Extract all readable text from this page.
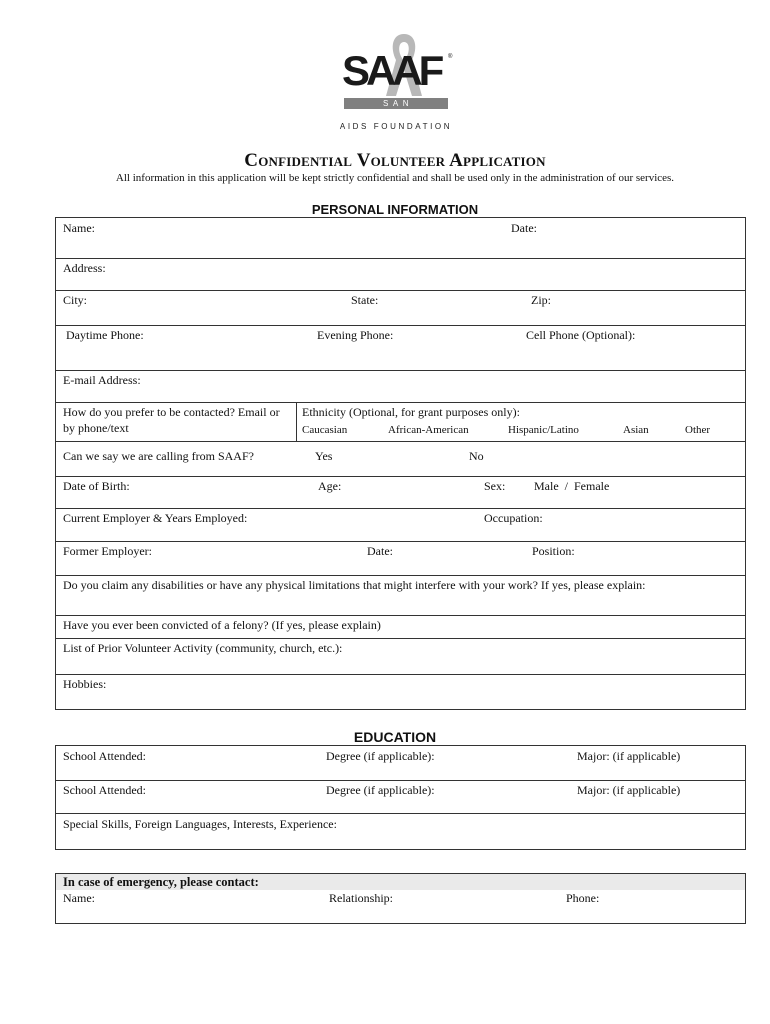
SAAF ®
SAN ANTONIO
AIDS FOUNDATION
Confidential Volunteer Application
All information in this application will be kept strictly confidential and shall be used only in the administration of our services.
PERSONAL INFORMATION
Name:	Date:
Address:
City:	State:	Zip:
Daytime Phone:	Evening Phone:	Cell Phone (Optional):
E-mail Address:
How do you prefer to be contacted? Email or by phone/text
Ethnicity (Optional, for grant purposes only):
Caucasian	African-American	Hispanic/Latino	Asian	Other
Can we say we are calling from SAAF?	Yes	No
Date of Birth:	Age:	Sex: Male  /  Female
Current Employer & Years Employed:	Occupation:
Former Employer:	Date:	Position:
Do you claim any disabilities or have any physical limitations that might interfere with your work? If yes, please explain:
Have you ever been convicted of a felony? (If yes, please explain)
List of Prior Volunteer Activity (community, church, etc.):
Hobbies:
EDUCATION
School Attended:	Degree (if applicable):	Major: (if applicable)
School Attended:	Degree (if applicable):	Major: (if applicable)
Special Skills, Foreign Languages, Interests, Experience:
In case of emergency, please contact:
Name:	Relationship:	Phone:
